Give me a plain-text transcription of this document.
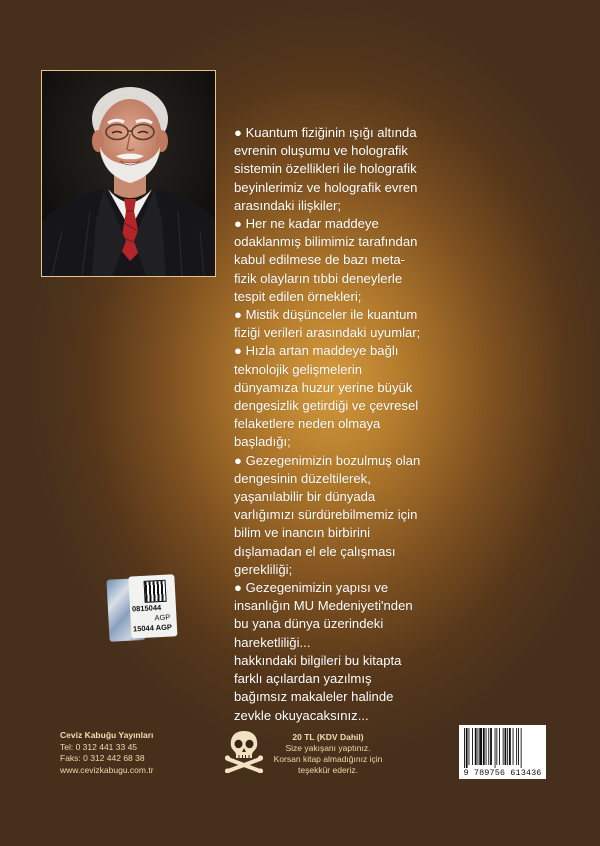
● Kuantum fiziğinin ışığı altında
evrenin oluşumu ve holografik
sistemin özellikleri ile holografik
beyinlerimiz ve holografik evren
arasındaki ilişkiler;

● Her ne kadar maddeye
odaklanmış bilimimiz tarafından
kabul edilmese de bazı meta-
fizik olayların tıbbi deneylerle
tespit edilen örnekleri;

● Mistik düşünceler ile kuantum
fiziği verileri arasındaki uyumlar;

● Hızla artan maddeye bağlı
teknolojik gelişmelerin
dünyamıza huzur yerine büyük
dengesizlik getirdiği ve çevresel
felaketlere neden olmaya
başladığı;

● Gezegenimizin bozulmuş olan
dengesinin düzeltilerek,
yaşanılabilir bir dünyada
varlığımızı sürdürebilmemiz için
bilim ve inancın birbirini
dışlamadan el ele çalışması
gerekliliği;

● Gezegenimizin yapısı ve
insanlığın MU Medeniyeti'nden
bu yana dünya üzerindeki
hareketliliği...

hakkındaki bilgileri bu kitapta
farklı açılardan yazılmış
bağımsız makaleler halinde
zevkle okuyacaksınız...

0815044
AGP
15044 AGP
Ceviz Kabuğu Yayınları
Tel: 0 312 441 33 45
Faks: 0 312 442 68 38
www.cevizkabugu.com.tr
20 TL (KDV Dahil)
Size yakışanı yaptınız.
Korsan kitap almadığınız için
teşekkür ederiz.	9 789756 613436
